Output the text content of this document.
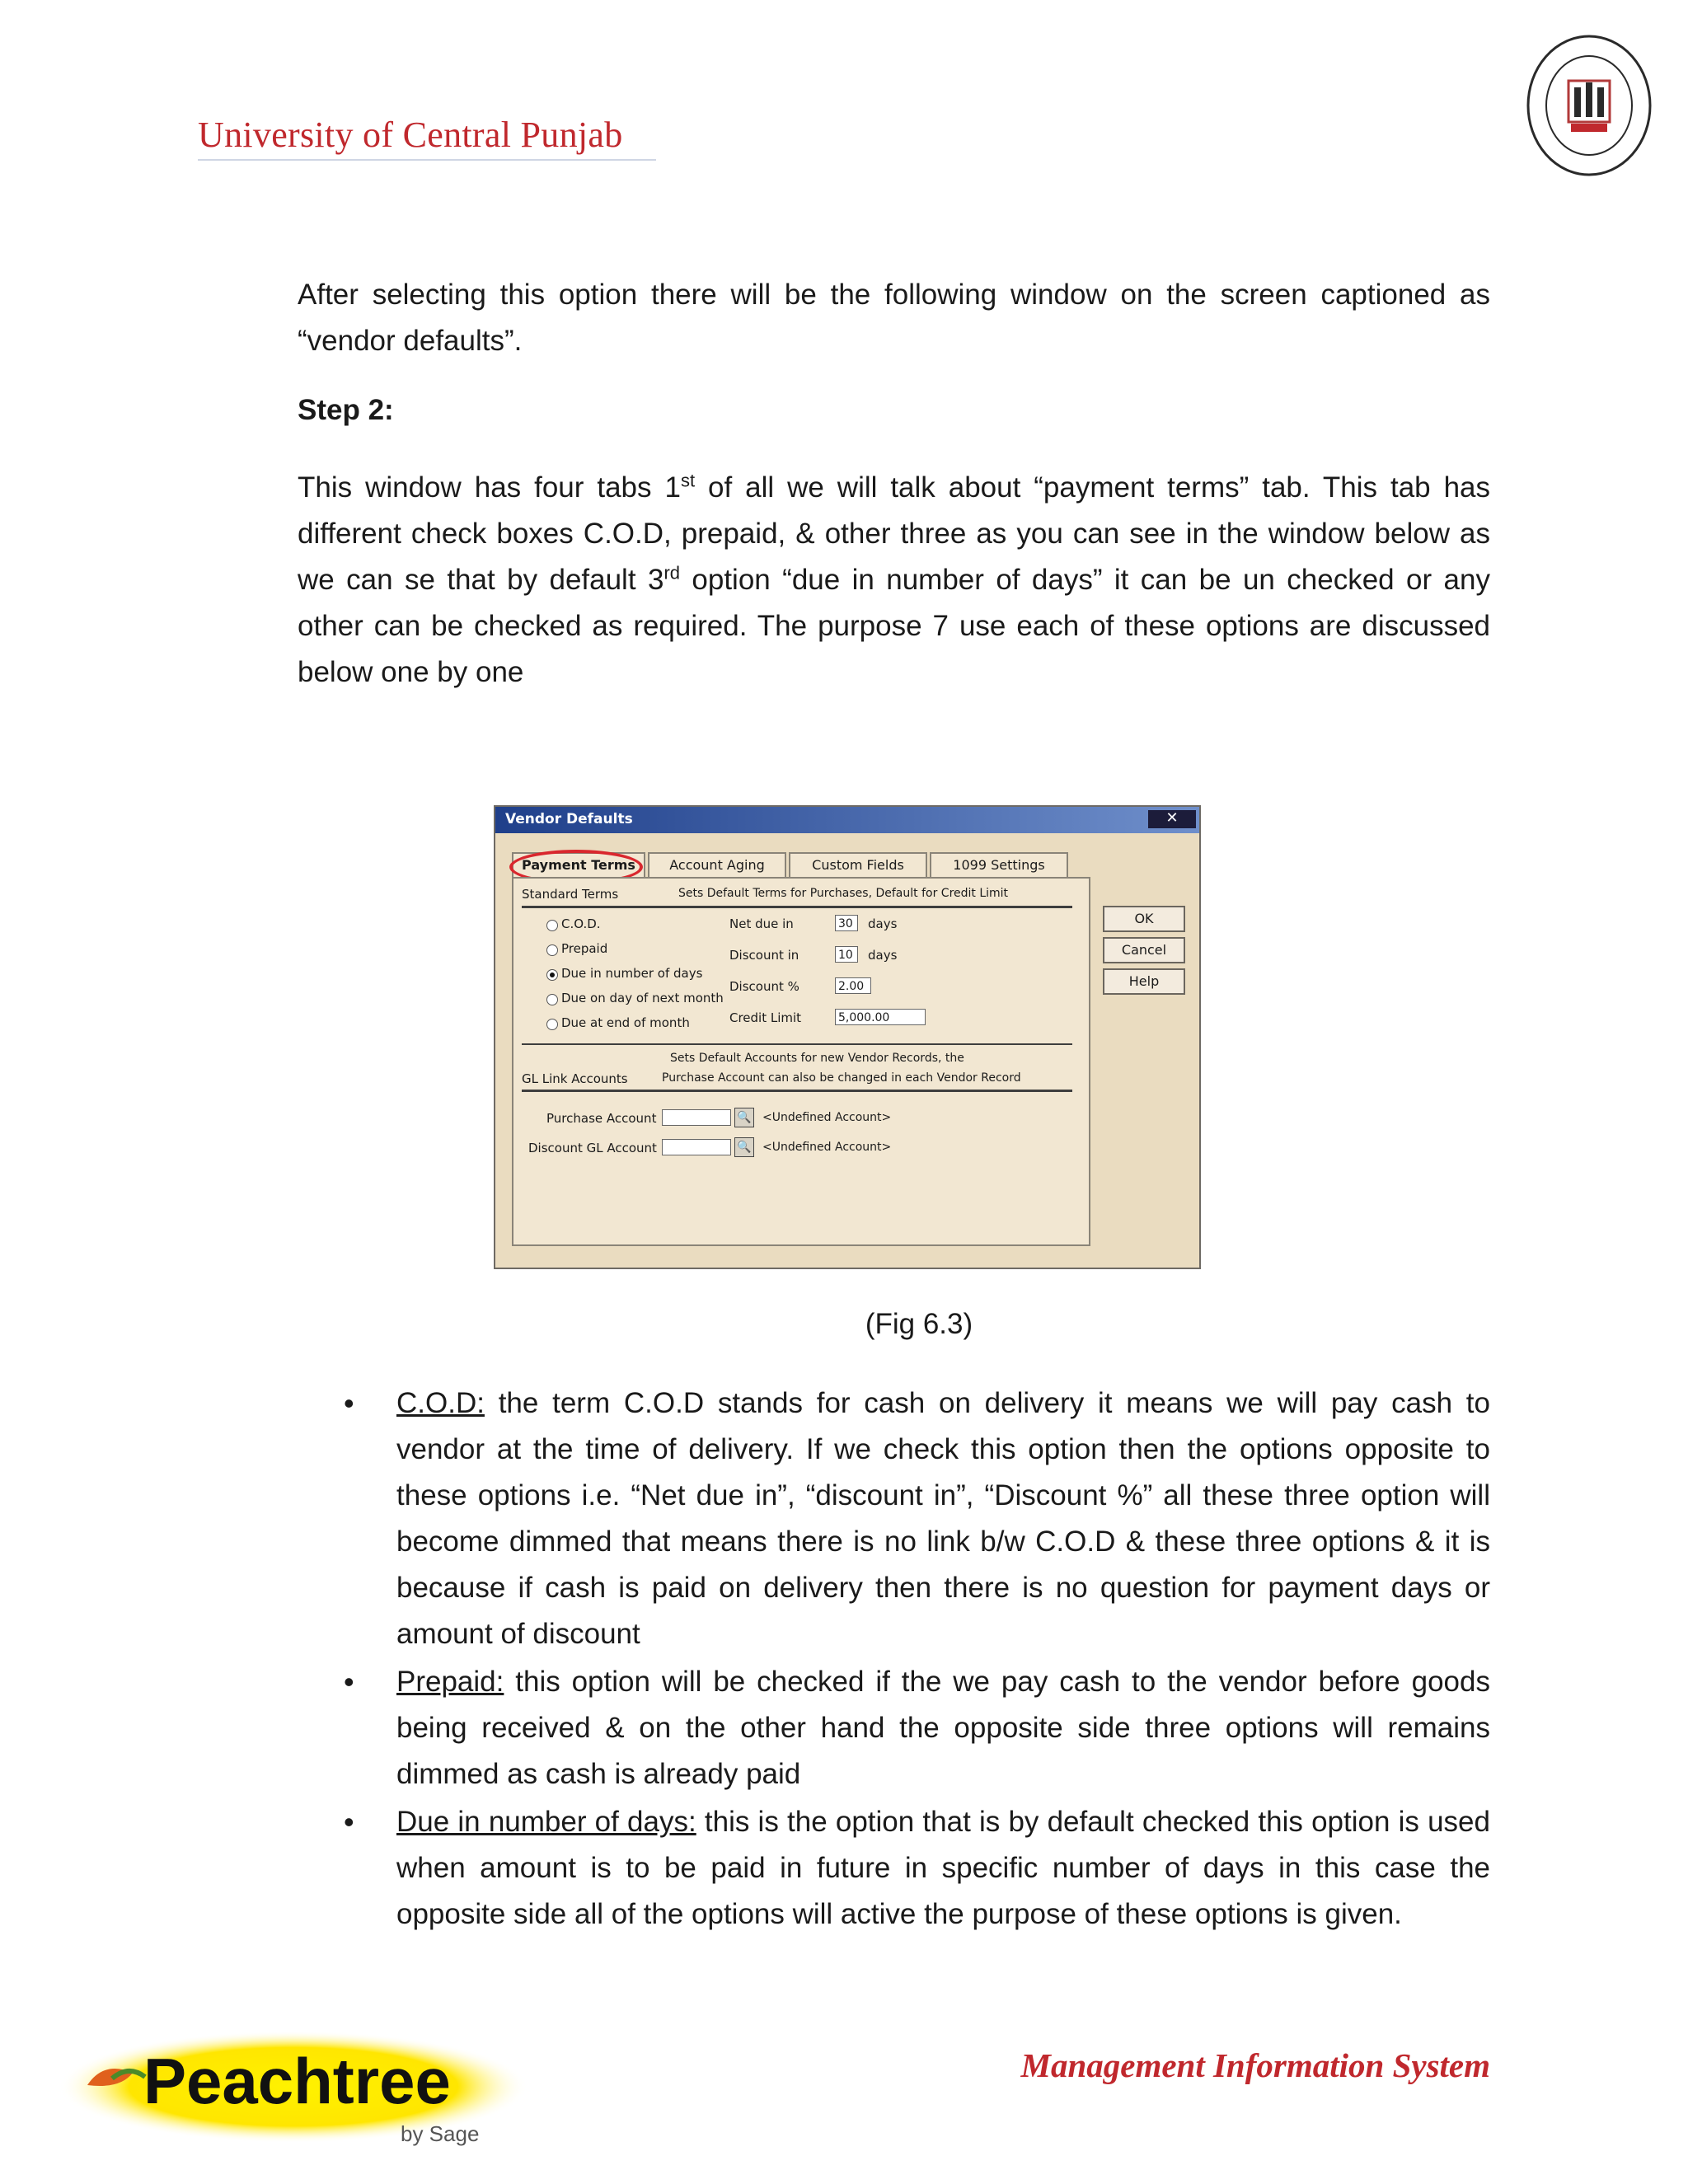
University of Central Punjab
After selecting this option there will be the following window on the screen captioned as “vendor defaults”.
Step 2:
This window has four tabs 1st of all we will talk about “payment terms” tab. This tab has different check boxes C.O.D, prepaid, & other three as you can see in the window below as we can se that by default 3rd option “due in number of days” it can be un checked or any other can be checked as required. The purpose 7 use each of these options are discussed below one by one
Vendor Defaults	✕
Payment Terms	Account Aging	Custom Fields	1099 Settings
Standard Terms	Sets Default Terms for Purchases, Default for Credit Limit
C.O.D.
Prepaid
Due in number of days
Due on day of next month
Due at end of month
Net due in	30	days
Discount in	10	days
Discount %	2.00
Credit Limit	5,000.00
Sets Default Accounts for new Vendor Records, the
GL Link Accounts	Purchase Account can also be changed in each Vendor Record
Purchase Account	🔍 <Undefined Account>
Discount GL Account	🔍 <Undefined Account>
OK
Cancel
Help
(Fig 6.3)
• C.O.D: the term C.O.D stands for cash on delivery it means we will pay cash to vendor at the time of delivery. If we check this option then the options opposite to these options i.e. “Net due in”, “discount in”, “Discount %” all these three option will become dimmed that means there is no link b/w C.O.D & these three options & it is because if cash is paid on delivery then there is no question for payment days or amount of discount
• Prepaid: this option will be checked if the we pay cash to the vendor before goods being received & on the other hand the opposite side three options will remains dimmed as cash is already paid
• Due in number of days: this is the option that is by default checked this option is used when amount is to be paid in future in specific number of days in this case the opposite side all of the options will active the purpose of these options is given.
Peachtree
by Sage
Management Information System
